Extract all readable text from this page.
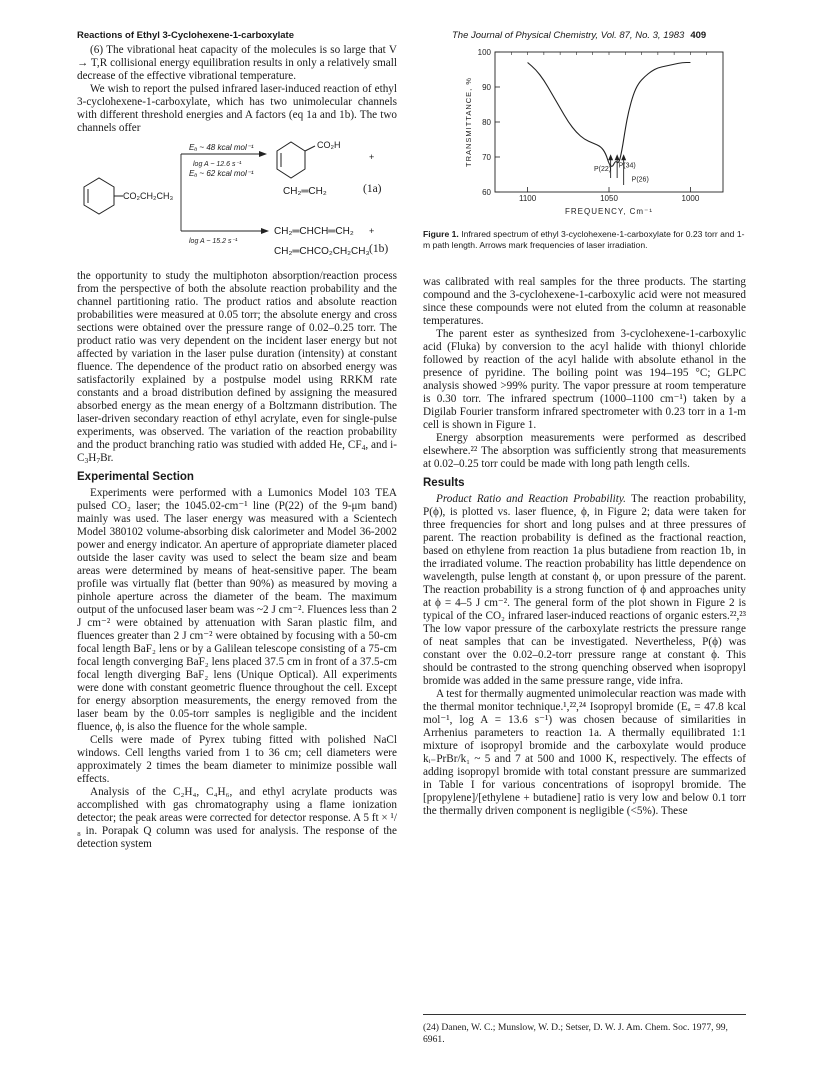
Reactions of Ethyl 3-Cyclohexene-1-carboxylate	The Journal of Physical Chemistry, Vol. 87, No. 3, 1983 409

(6) The vibrational heat capacity of the molecules is so large that V → T,R collisional energy equilibration results in only a relatively small decrease of the effective vibrational temperature.

We wish to report the pulsed infrared laser-induced reaction of ethyl 3-cyclohexene-1-carboxylate, which has two unimolecular channels with different threshold energies and A factors (eq 1a and 1b). The two channels offer

CO₂CH₂CH₃
Eₐ ~ 48 kcal mol⁻¹
log A ~ 12.6 s⁻¹
Eₐ ~ 62 kcal mol⁻¹
log A ~ 15.2 s⁻¹
CO₂H
+
CH₂═CH₂	(1a)
CH₂═CHCH═CH₂ +
CH₂═CHCO₂CH₂CH₃ (1b)

the opportunity to study the multiphoton absorption/reaction process from the perspective of both the absolute reaction probability and the channel partitioning ratio. The product ratios and absolute reaction probabilities were measured at 0.05 torr; the absolute energy and cross sections were obtained over the pressure range of 0.02–0.25 torr. The product ratio was very dependent on the incident laser energy but not affected by variation in the laser pulse duration (intensity) at constant fluence. The dependence of the product ratio on absorbed energy was satisfactorily explained by a postpulse model using RRKM rate constants and a broad distribution defined by assigning the measured absorbed energy as the mean energy of a Boltzmann distribution. The laser-driven secondary reaction of ethyl acrylate, even for single-pulse experiments, was observed. The variation of the reaction probability and the product branching ratio was studied with added He, $CF_4$, and $i-C_3H_7Br$.

Experimental Section

Experiments were performed with a Lumonics Model 103 TEA pulsed CO₂ laser; the 1045.02-cm⁻¹ line (P(22) of the 9-μm band) mainly was used. The laser energy was measured with a Scientech Model 380102 volume-absorbing disk calorimeter and Model 36-2002 power and energy indicator. An aperture of appropriate diameter placed outside the laser cavity was used to select the beam size and beam areas were determined by means of heat-sensitive paper. The beam profile was virtually flat (better than 90%) as measured by moving a pinhole aperture across the diameter of the beam. The maximum output of the unfocused laser beam was ~2 J cm⁻². Fluences less than 2 J cm⁻² were obtained by attenuation with Saran plastic film, and fluences greater than 2 J cm⁻² were obtained by focusing with a 50-cm focal length BaF₂ lens or by a Galilean telescope consisting of a 75-cm focal length converging BaF₂ lens placed 37.5 cm in front of a 37.5-cm focal length diverging BaF₂ lens (Unique Optical). All experiments were done with constant geometric fluence throughout the cell. Except for energy absorption measurements, the energy removed from the laser beam by the 0.05-torr samples is negligible and the incident fluence, ϕ, is also the fluence for the whole sample.

Cells were made of Pyrex tubing fitted with polished NaCl windows. Cell lengths varied from 1 to 36 cm; cell diameters were approximately 2 times the beam diameter to minimize possible wall effects.

Analysis of the C₂H₄, C₄H₆, and ethyl acrylate products was accomplished with gas chromatography using a flame ionization detector; the peak areas were corrected for detector response. A 5 ft × ¹/₈ in. Porapak Q column was used for analysis. The response of the detection system

100
90
80
70
60
1100	1050	1000
TRANSMITTANCE, %
FREQUENCY, Cm⁻¹
P(22) P(34)
P(26)
Figure 1. Infrared spectrum of ethyl 3-cyclohexene-1-carboxylate for 0.23 torr and 1-m path length. Arrows mark frequencies of laser irradiation.

was calibrated with real samples for the three products. The starting compound and the 3-cyclohexene-1-carboxylic acid were not measured since these compounds were not eluted from the column at reasonable temperatures.

The parent ester as synthesized from 3-cyclohexene-1-carboxylic acid (Fluka) by conversion to the acyl halide with thionyl chloride followed by reaction of the acyl halide with absolute ethanol in the presence of pyridine. The boiling point was 194–195 °C; GLPC analysis showed >99% purity. The vapor pressure at room temperature is 0.30 torr. The infrared spectrum (1000–1100 cm⁻¹) taken by a Digilab Fourier transform infrared spectrometer with 0.23 torr in a 1-m cell is shown in Figure 1.

Energy absorption measurements were performed as described elsewhere.²² The absorption was sufficiently strong that measurements at 0.02–0.25 torr could be made with long path length cells.

Results

Product Ratio and Reaction Probability. The reaction probability, P(ϕ), is plotted vs. laser fluence, ϕ, in Figure 2; data were taken for three frequencies for short and long pulses and at three pressures of parent. The reaction probability is defined as the fractional reaction, based on ethylene from reaction 1a plus butadiene from reaction 1b, in the irradiated volume. The reaction probability has little dependence on wavelength, pulse length at constant ϕ, or upon pressure of the parent. The reaction probability is a strong function of ϕ and approaches unity at ϕ = 4–5 J cm⁻². The general form of the plot shown in Figure 2 is typical of the CO₂ infrared laser-induced reactions of organic esters.²²,²³ The low vapor pressure of the carboxylate restricts the pressure range of neat samples that can be investigated. Nevertheless, P(ϕ) was constant over the 0.02–0.2-torr pressure range at constant ϕ. This should be contrasted to the strong quenching observed when isopropyl bromide was added in the same pressure range, vide infra.

A test for thermally augmented unimolecular reaction was made with the thermal monitor technique.¹,²²,²⁴ Isopropyl bromide (Eₐ = 47.8 kcal mol⁻¹, log A = 13.6 s⁻¹) was chosen because of similarities in Arrhenius parameters to reaction 1a. A thermally equilibrated 1:1 mixture of isopropyl bromide and the carboxylate would produce kᵢ₋PrBr/k₁ ~ 5 and 7 at 500 and 1000 K, respectively. The effects of adding isopropyl bromide with total constant pressure are summarized in Table I for various concentrations of isopropyl bromide. The [propylene]/[ethylene + butadiene] ratio is very low and below 0.1 torr the thermally driven component is negligible (<5%). These

(24) Danen, W. C.; Munslow, W. D.; Setser, D. W. J. Am. Chem. Soc. 1977, 99, 6961.
